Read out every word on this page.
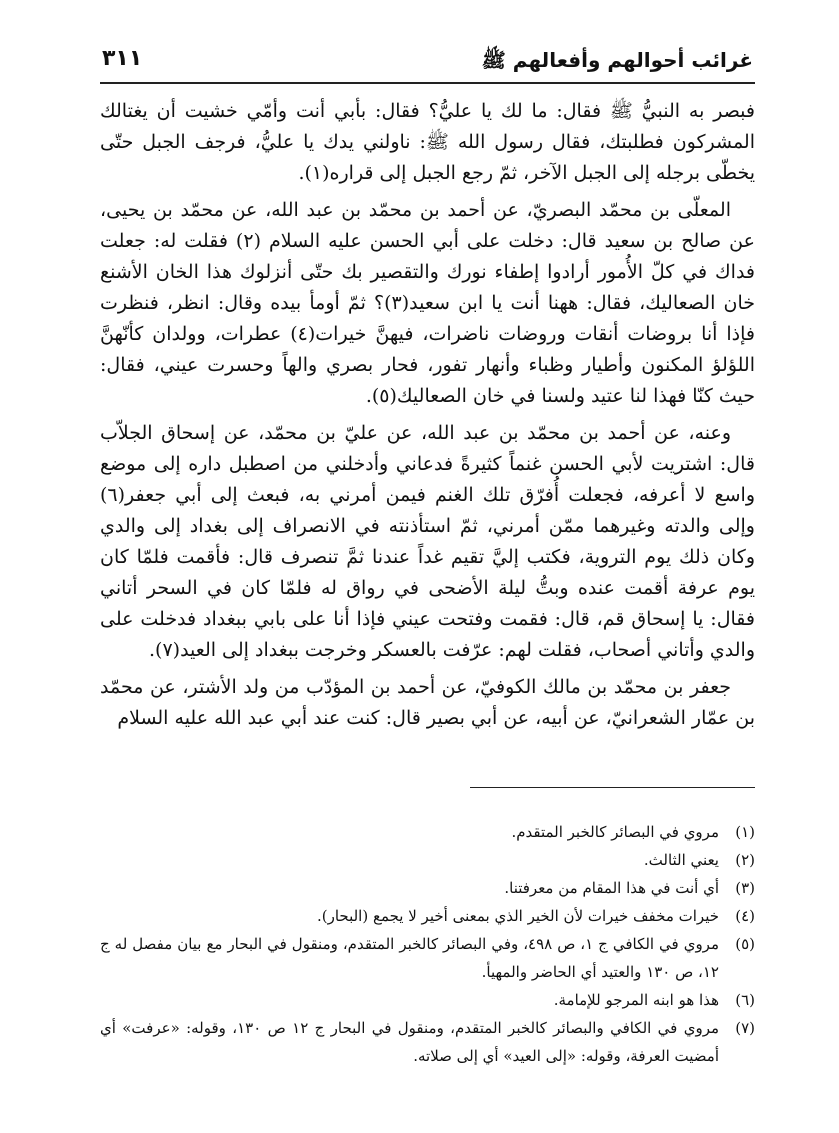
غرائب أحوالهم وأفعالهم ﷺ
٣١١

فبصر به النبيُّ ﷺ فقال: ما لك يا عليُّ؟ فقال: بأبي أنت وأمّي خشيت أن يغتالك المشركون فطلبتك، فقال رسول الله ﷺ: ناولني يدك يا عليُّ، فرجف الجبل حتّى يخطّى برجله إلى الجبل الآخر، ثمّ رجع الجبل إلى قراره(١).

المعلّى بن محمّد البصريّ، عن أحمد بن محمّد بن عبد الله، عن محمّد بن يحيى، عن صالح بن سعيد قال: دخلت على أبي الحسن عليه السلام (٢) فقلت له: جعلت فداك في كلّ الأُمور أرادوا إطفاء نورك والتقصير بك حتّى أنزلوك هذا الخان الأشنع خان الصعاليك، فقال: ههنا أنت يا ابن سعيد(٣)؟ ثمّ أومأ بيده وقال: انظر، فنظرت فإذا أنا بروضات أنقات وروضات ناضرات، فيهنَّ خيرات(٤) عطرات، وولدان كأنّهنَّ اللؤلؤ المكنون وأطيار وظباء وأنهار تفور، فحار بصري والهاً وحسرت عيني، فقال: حيث كنّا فهذا لنا عتيد ولسنا في خان الصعاليك(٥).

وعنه، عن أحمد بن محمّد بن عبد الله، عن عليّ بن محمّد، عن إسحاق الجلاّب قال: اشتريت لأبي الحسن غنماً كثيرةً فدعاني وأدخلني من اصطبل داره إلى موضع واسع لا أعرفه، فجعلت أُفرّق تلك الغنم فيمن أمرني به، فبعث إلى أبي جعفر(٦) وإلى والدته وغيرهما ممّن أمرني، ثمّ استأذنته في الانصراف إلى بغداد إلى والدي وكان ذلك يوم التروية، فكتب إليَّ تقيم غداً عندنا ثمَّ تنصرف قال: فأقمت فلمّا كان يوم عرفة أقمت عنده وبتُّ ليلة الأضحى في رواق له فلمّا كان في السحر أتاني فقال: يا إسحاق قم، قال: فقمت وفتحت عيني فإذا أنا على بابي ببغداد فدخلت على والدي وأتاني أصحاب، فقلت لهم: عرّفت بالعسكر وخرجت ببغداد إلى العيد(٧).

جعفر بن محمّد بن مالك الكوفيّ، عن أحمد بن المؤدّب من ولد الأشتر، عن محمّد بن عمّار الشعرانيّ، عن أبيه، عن أبي بصير قال: كنت عند أبي عبد الله عليه السلام

(١)
مروي في البصائر كالخبر المتقدم.
(٢)
يعني الثالث.
(٣)
أي أنت في هذا المقام من معرفتنا.
(٤)
خيرات مخفف خيرات لأن الخير الذي بمعنى أخير لا يجمع (البحار).
(٥)
مروي في الكافي ج ١، ص ٤٩٨، وفي البصائر كالخبر المتقدم، ومنقول في البحار مع بيان مفصل له ج ١٢، ص ١٣٠ والعتيد أي الحاضر والمهيأ.
(٦)
هذا هو ابنه المرجو للإمامة.
(٧)
مروي في الكافي والبصائر كالخبر المتقدم، ومنقول في البحار ج ١٢ ص ١٣٠، وقوله: «عرفت» أي أمضيت العرفة، وقوله: «إلى العيد» أي إلى صلاته.
